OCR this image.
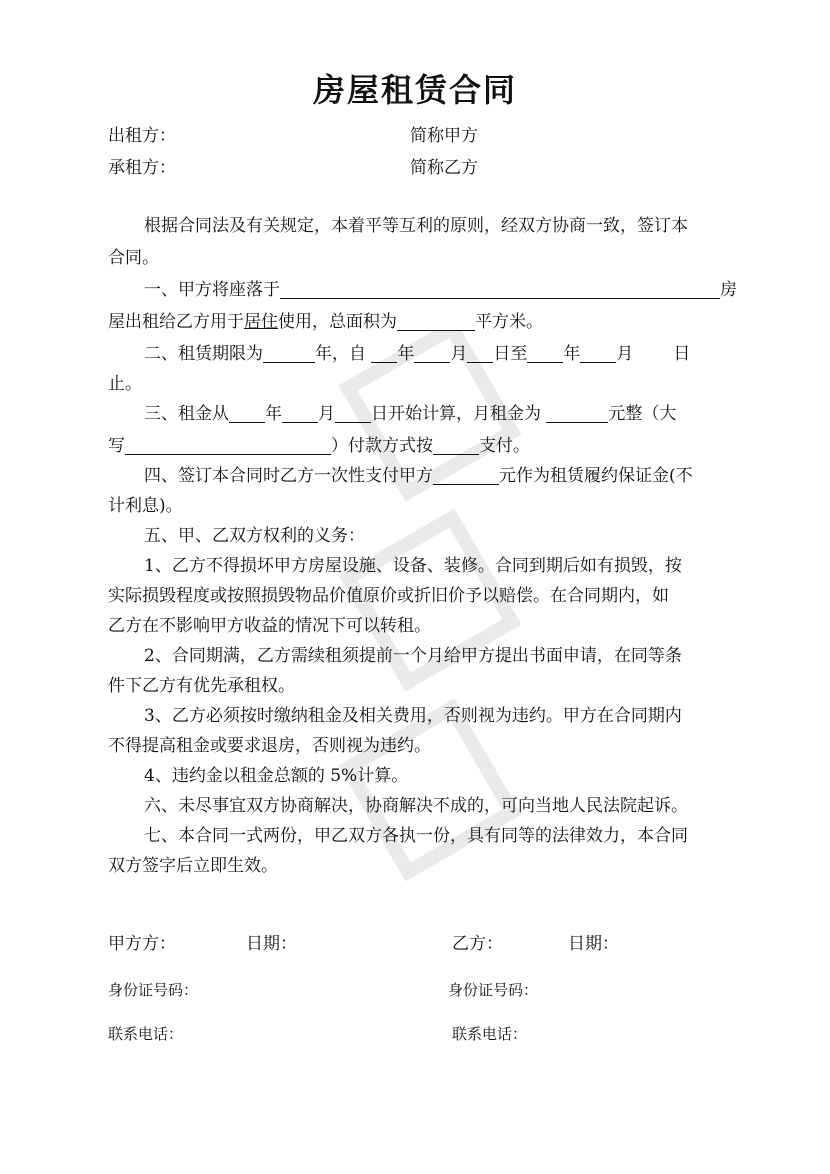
房屋租赁合同
出租方：	简称甲方
承租方：	简称乙方
根据合同法及有关规定，本着平等互利的原则，经双方协商一致，签订本
合同。
一、甲方将座落于	房
屋出租给乙方用于居住使用，总面积为	平方米。
二、租赁期限为	年，自 年 月 日至 年 月 日
止。
三、租金从 年 月 日开始计算，月租金为	元整（大
写	）付款方式按	支付。
四、签订本合同时乙方一次性支付甲方	元作为租赁履约保证金(不
计利息)。
五、甲、乙双方权利的义务：
1、乙方不得损坏甲方房屋设施、设备、装修。合同到期后如有损毁，按
实际损毁程度或按照损毁物品价值原价或折旧价予以赔偿。在合同期内，如
乙方在不影响甲方收益的情况下可以转租。
2、合同期满，乙方需续租须提前一个月给甲方提出书面申请，在同等条
件下乙方有优先承租权。
3、乙方必须按时缴纳租金及相关费用，否则视为违约。甲方在合同期内
不得提高租金或要求退房，否则视为违约。
4、违约金以租金总额的 5%计算。
六、未尽事宜双方协商解决，协商解决不成的，可向当地人民法院起诉。
七、本合同一式两份，甲乙双方各执一份，具有同等的法律效力，本合同
双方签字后立即生效。
甲方方：	日期：	乙方：	日期：
身份证号码：	身份证号码：
联系电话：	联系电话：
